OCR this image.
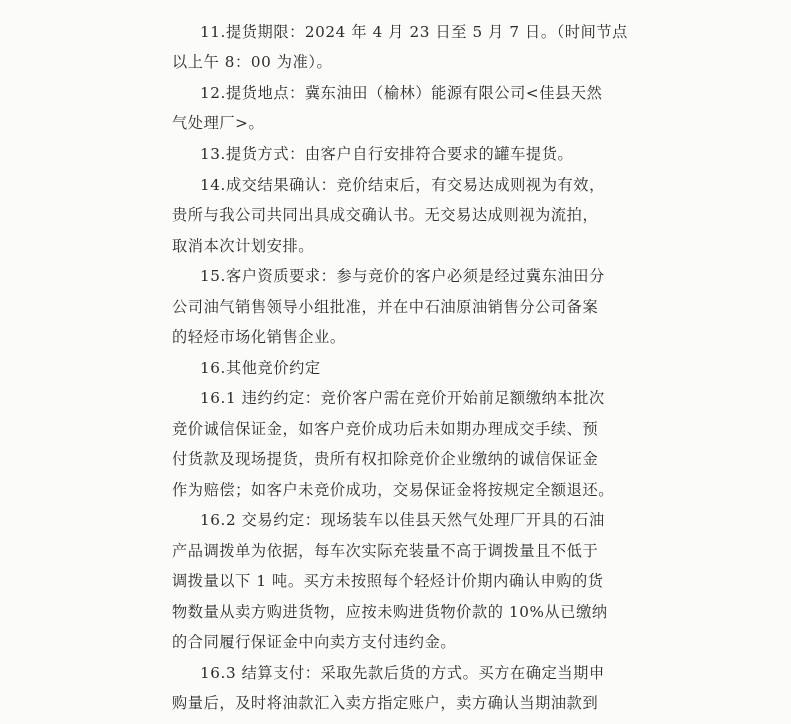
11.提货期限：2024 年 4 月 23 日至 5 月 7 日。（时间节点
以上午 8：00 为准）。
12.提货地点：冀东油田（榆林）能源有限公司<佳县天然
气处理厂>。
13.提货方式：由客户自行安排符合要求的罐车提货。
14.成交结果确认：竞价结束后，有交易达成则视为有效，
贵所与我公司共同出具成交确认书。无交易达成则视为流拍，
取消本次计划安排。
15.客户资质要求：参与竞价的客户必须是经过冀东油田分
公司油气销售领导小组批准，并在中石油原油销售分公司备案
的轻烃市场化销售企业。
16.其他竞价约定
16.1 违约约定：竞价客户需在竞价开始前足额缴纳本批次
竞价诚信保证金，如客户竞价成功后未如期办理成交手续、预
付货款及现场提货，贵所有权扣除竞价企业缴纳的诚信保证金
作为赔偿；如客户未竞价成功，交易保证金将按规定全额退还。
16.2 交易约定：现场装车以佳县天然气处理厂开具的石油
产品调拨单为依据，每车次实际充装量不高于调拨量且不低于
调拨量以下 1 吨。买方未按照每个轻烃计价期内确认申购的货
物数量从卖方购进货物，应按未购进货物价款的 10%从已缴纳
的合同履行保证金中向卖方支付违约金。
16.3 结算支付：采取先款后货的方式。买方在确定当期申
购量后，及时将油款汇入卖方指定账户，卖方确认当期油款到
